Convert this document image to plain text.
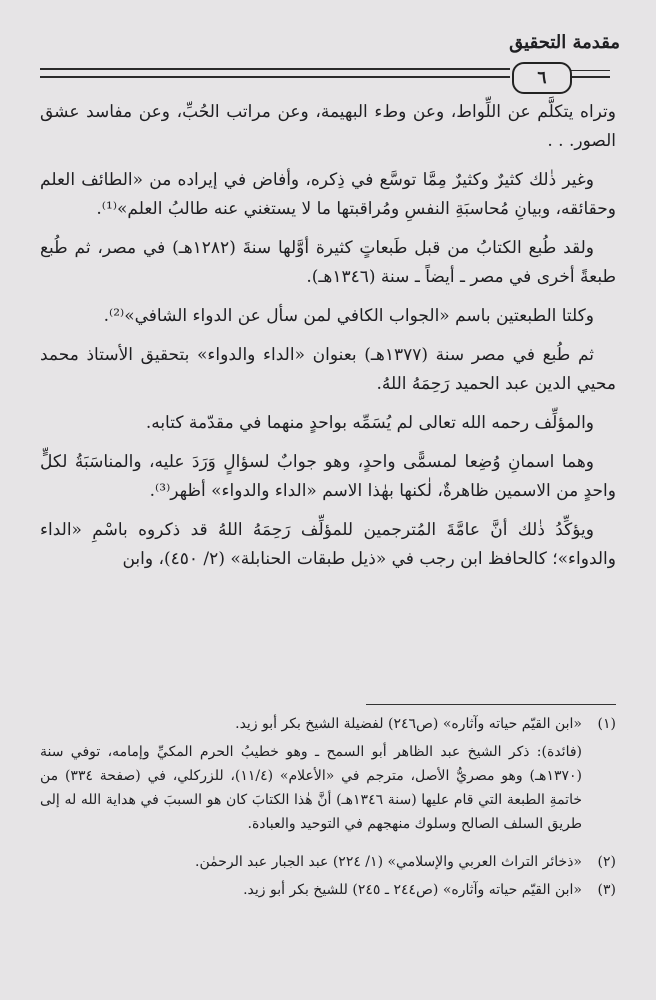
مقدمة التحقيق
٦

وتراه يتكلَّم عن اللِّواط، وعن وطء البهيمة، وعن مراتب الحُبِّ، وعن مفاسد عشق الصور. . .

وغير ذٰلك كثيرٌ وكثيرٌ مِمَّا توسَّع في ذِكره، وأفاض في إيراده من «الطائف العلم وحقائقه، وبيانِ مُحاسبَةِ النفسِ ومُراقبتها ما لا يستغني عنه طالبُ العلم»⁽¹⁾.

ولقد طُبع الكتابُ من قبل طَبعاتٍ كثيرة أوَّلها سنةَ (١٢٨٢هـ) في مصر، ثم طُبع طبعةً أخرى في مصر ـ أيضاً ـ سنة (١٣٤٦هـ).

وكلتا الطبعتين باسم «الجواب الكافي لمن سأل عن الدواء الشافي»⁽²⁾.

ثم طُبع في مصر سنة (١٣٧٧هـ) بعنوان «الداء والدواء» بتحقيق الأستاذ محمد محيي الدين عبد الحميد رَحِمَهُ اللهُ.

والمؤلِّف رحمه الله تعالى لم يُسَمِّه بواحدٍ منهما في مقدّمة كتابه.

وهما اسمانِ وُضِعا لمسمًّى واحدٍ، وهو جوابٌ لسؤالٍ وَرَدَ عليه، والمناسَبَةُ لكلٍّ واحدٍ من الاسمين ظاهرةٌ، لٰكنها بهٰذا الاسم «الداء والدواء» أظهر⁽³⁾.

ويؤكِّدُ ذٰلك أنَّ عامَّةَ المُترجمين للمؤلِّف رَحِمَهُ اللهُ قد ذكروه باسْمِ «الداء والدواء»؛ كالحافظ ابن رجب في «ذيل طبقات الحنابلة» (٢/ ٤٥٠)، وابن

(١)
«ابن القيّم حياته وآثاره» (ص٢٤٦) لفضيلة الشيخ بكر أبو زيد.
(فائدة): ذكر الشيخ عبد الظاهر أبو السمح ـ وهو خطيبُ الحرم المكيِّ وإمامه، توفي سنة (١٣٧٠هـ) وهو مصريُّ الأصل، مترجم في «الأعلام» (١١/٤)، للزركلي، في (صفحة ٣٣٤) من خاتمةِ الطبعة التي قام عليها (سنة ١٣٤٦هـ) أنَّ هٰذا الكتابَ كان هو السببَ في هداية الله له إلى طريق السلف الصالح وسلوك منهجهم في التوحيد والعبادة.
(٢)
«ذخائر التراث العربي والإسلامي» (١/ ٢٢٤) عبد الجبار عبد الرحمٰن.
(٣)
«ابن القيّم حياته وآثاره» (ص٢٤٤ ـ ٢٤٥) للشيخ بكر أبو زيد.
